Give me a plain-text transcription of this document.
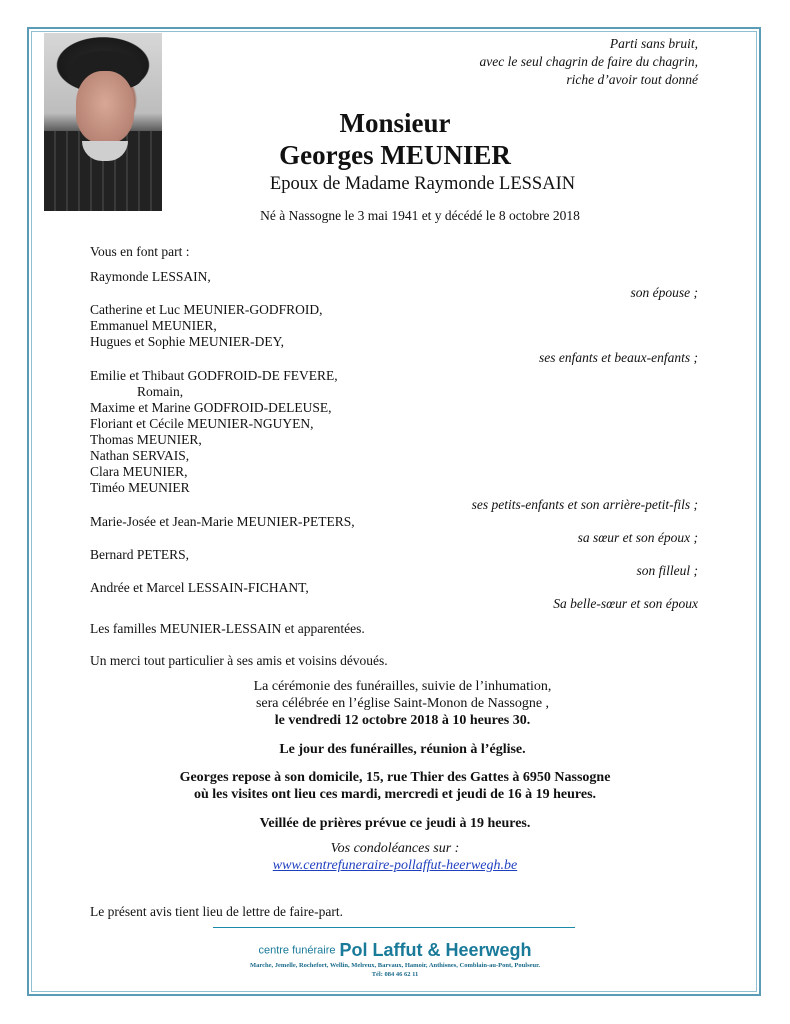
Parti sans bruit,
avec le seul chagrin de faire du chagrin,
riche d’avoir tout donné
Monsieur
Georges MEUNIER
Epoux de Madame Raymonde LESSAIN
Né à Nassogne le 3 mai 1941 et y décédé le 8 octobre 2018
Vous en font part :
Raymonde LESSAIN,
son épouse ;
Catherine et Luc MEUNIER-GODFROID,
Emmanuel MEUNIER,
Hugues et Sophie MEUNIER-DEY,
ses enfants et beaux-enfants ;
Emilie et Thibaut GODFROID-DE FEVERE,
Romain,
Maxime et Marine GODFROID-DELEUSE,
Floriant et Cécile MEUNIER-NGUYEN,
Thomas MEUNIER,
Nathan SERVAIS,
Clara MEUNIER,
Timéo MEUNIER
ses petits-enfants et son arrière-petit-fils ;
Marie-Josée et Jean-Marie MEUNIER-PETERS,
sa sœur et son époux ;
Bernard PETERS,
son filleul ;
Andrée et Marcel LESSAIN-FICHANT,
Sa belle-sœur et son époux
Les familles MEUNIER-LESSAIN et apparentées.
Un merci tout particulier à ses amis et voisins dévoués.
La cérémonie des funérailles, suivie de l’inhumation,
sera célébrée en l’église Saint-Monon de Nassogne ,
le vendredi 12 octobre 2018 à 10 heures 30.
Le jour des funérailles, réunion à l’église.
Georges repose à son domicile, 15, rue Thier des Gattes à 6950 Nassogne
où les visites ont lieu ces mardi, mercredi et jeudi de 16 à 19 heures.
Veillée de prières prévue ce jeudi à 19 heures.
Vos condoléances sur :
www.centrefuneraire-pollaffut-heerwegh.be
Le présent avis tient lieu de lettre de faire-part.
centre funéraire Pol Laffut & Heerwegh
Marche, Jemelle, Rochefort, Wellin, Melreux, Barvaux, Hamoir, Anthisnes, Comblain-au-Pont, Poulseur.
Tél: 084 46 62 11
